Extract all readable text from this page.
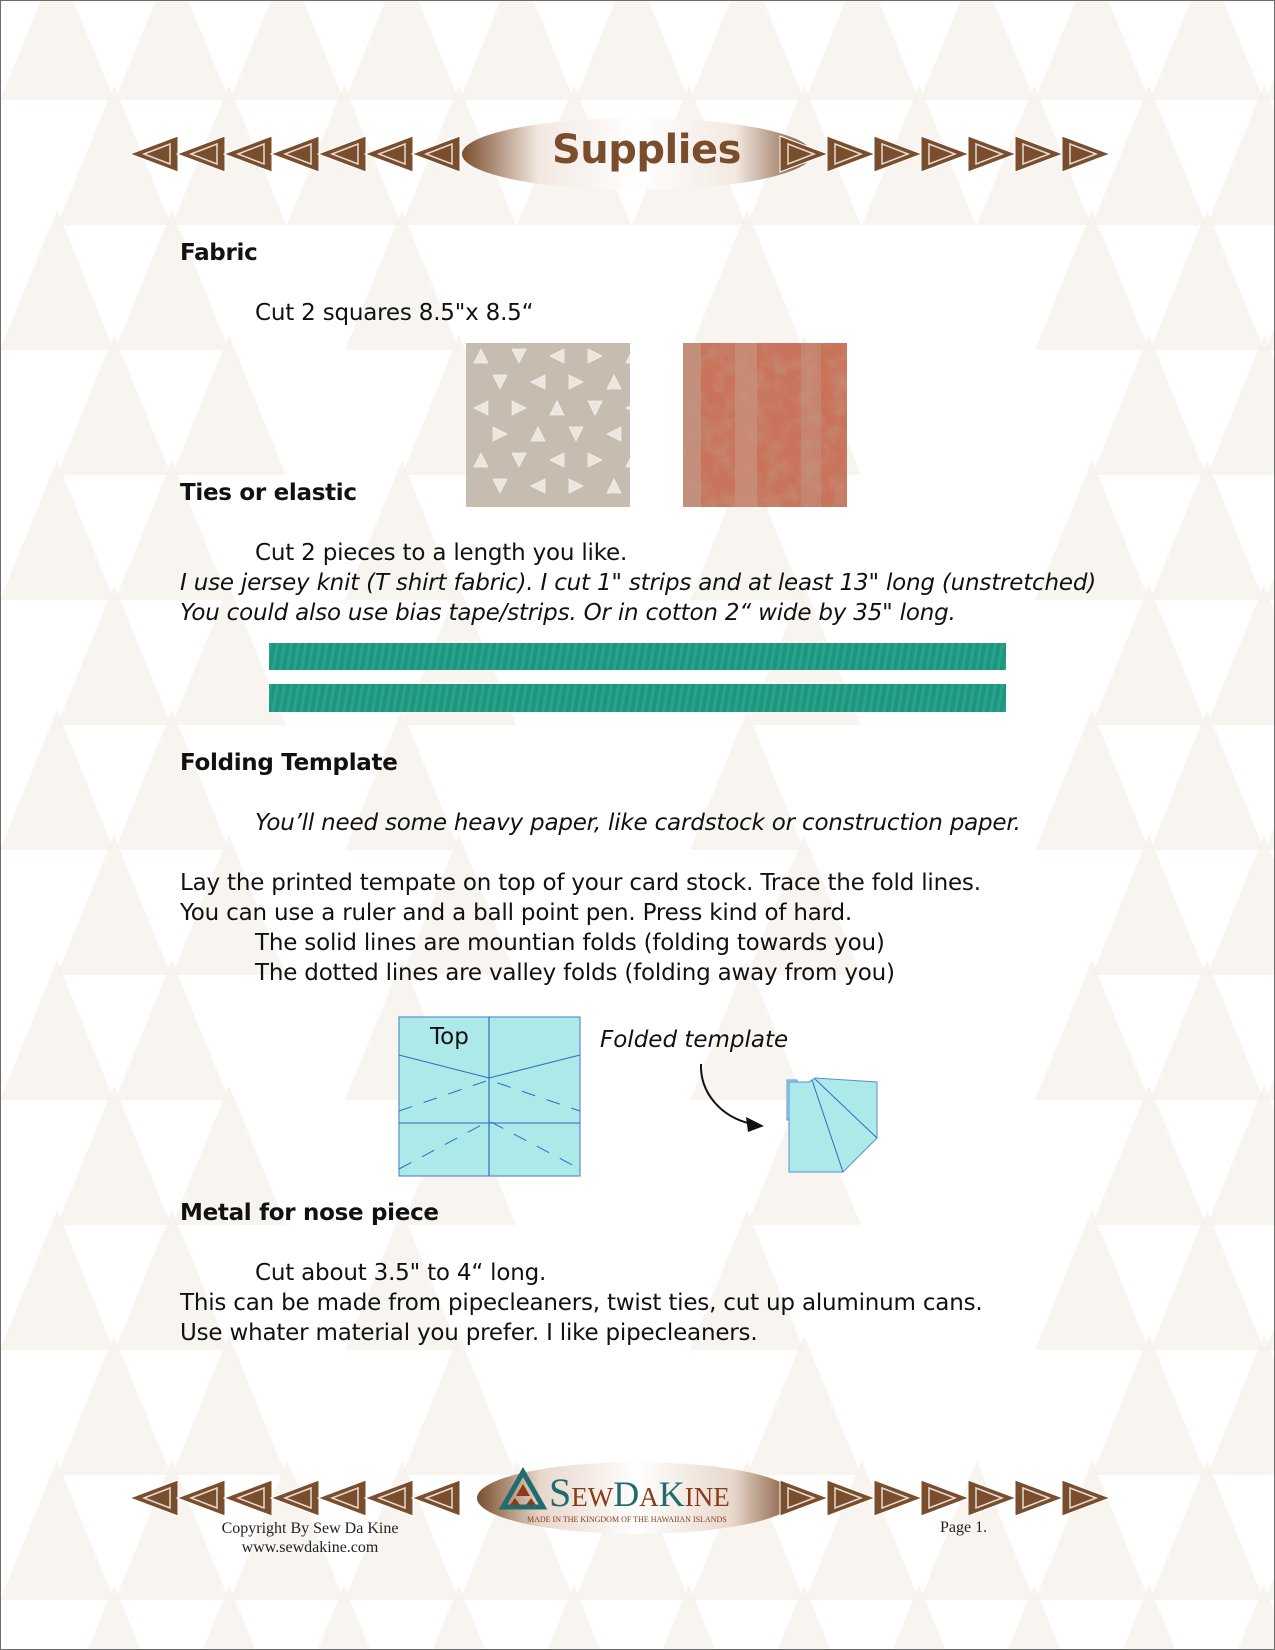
Supplies
Fabric
Cut 2 squares 8.5"x 8.5“
Ties or elastic
Cut 2 pieces to a length you like.
I use jersey knit (T shirt fabric). I cut 1" strips and at least 13" long (unstretched)
You could also use bias tape/strips. Or in cotton 2“ wide by 35" long.
Folding Template
You’ll need some heavy paper, like cardstock or construction paper.
Lay the printed tempate on top of your card stock. Trace the fold lines.
You can use a ruler and a ball point pen. Press kind of hard.
The solid lines are mountian folds (folding towards you)
The dotted lines are valley folds (folding away from you)
Top	Folded template
Metal for nose piece
Cut about 3.5" to 4“ long.
This can be made from pipecleaners, twist ties, cut up aluminum cans.
Use whater material you prefer. I like pipecleaners.
SEWDAKINE
MADE IN THE KINGDOM OF THE HAWAIIAN ISLANDS
Copyright By Sew Da Kine
www.sewdakine.com
Page 1.
